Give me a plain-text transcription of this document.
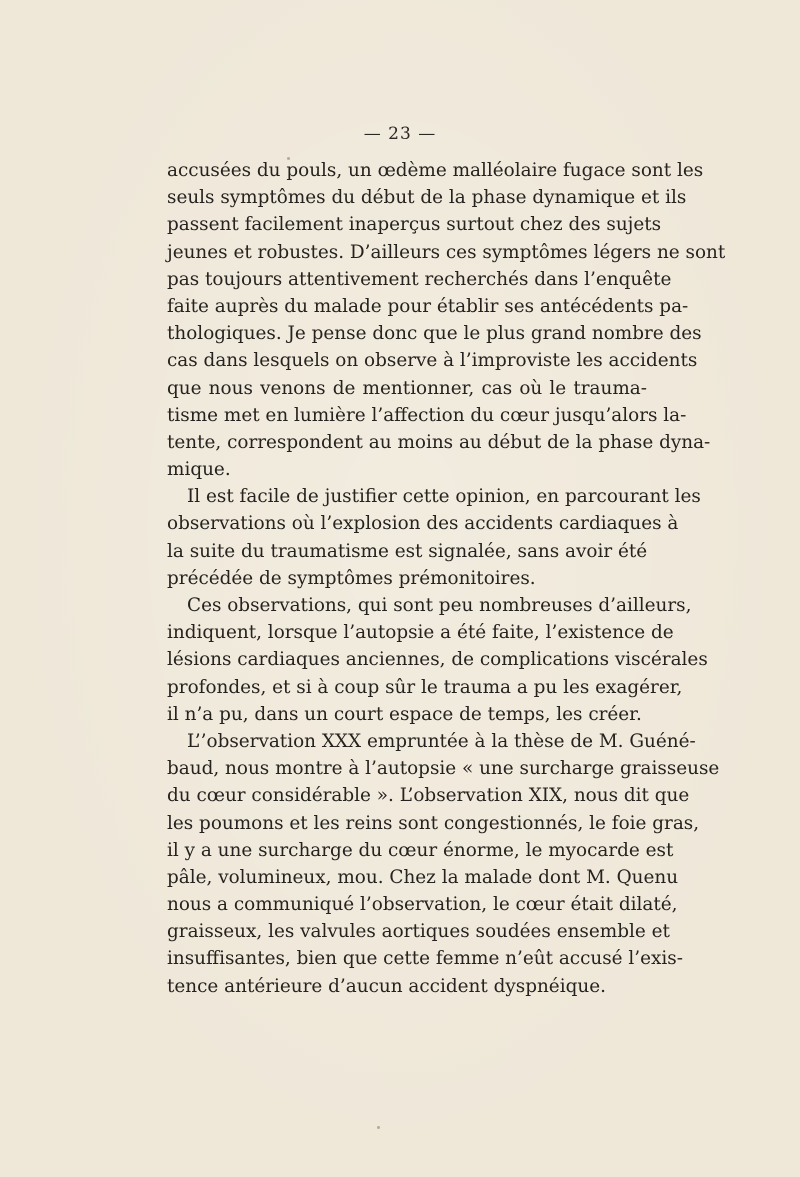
— 23 —
accusées du pouls, un œdème malléolaire fugace sont les
seuls symptômes du début de la phase dynamique et ils
passent facilement inaperçus surtout chez des sujets
jeunes et robustes. D’ailleurs ces symptômes légers ne sont
pas toujours attentivement recherchés dans l’enquête
faite auprès du malade pour établir ses antécédents pa-
thologiques. Je pense donc que le plus grand nombre des
cas dans lesquels on observe à l’improviste les accidents
que nous venons de mentionner, cas où le trauma-
tisme met en lumière l’affection du cœur jusqu’alors la-
tente, correspondent au moins au début de la phase dyna-
mique.
Il est facile de justifier cette opinion, en parcourant les
observations où l’explosion des accidents cardiaques à
la suite du traumatisme est signalée, sans avoir été
précédée de symptômes prémonitoires.
Ces observations, qui sont peu nombreuses d’ailleurs,
indiquent, lorsque l’autopsie a été faite, l’existence de
lésions cardiaques anciennes, de complications viscérales
profondes, et si à coup sûr le trauma a pu les exagérer,
il n’a pu, dans un court espace de temps, les créer.
L’’observation XXX empruntée à la thèse de M. Guéné-
baud, nous montre à l’autopsie « une surcharge graisseuse
du cœur considérable ». L’observation XIX, nous dit que
les poumons et les reins sont congestionnés, le foie gras,
il y a une surcharge du cœur énorme, le myocarde est
pâle, volumineux, mou. Chez la malade dont M. Quenu
nous a communiqué l’observation, le cœur était dilaté,
graisseux, les valvules aortiques soudées ensemble et
insuffisantes, bien que cette femme n’eût accusé l’exis-
tence antérieure d’aucun accident dyspnéique.
